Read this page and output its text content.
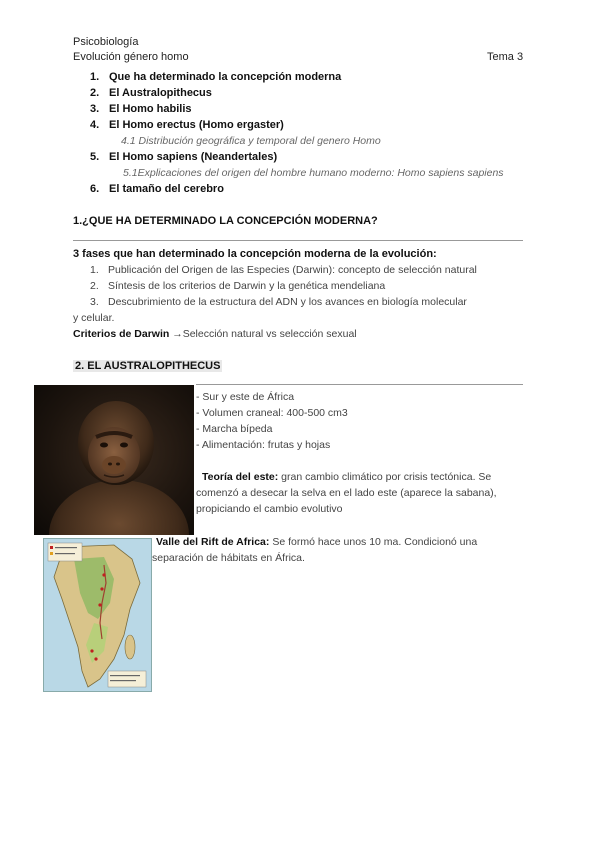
Psicobiología
Evolución género homo	Tema 3
1. Que ha determinado la concepción moderna
2. El Australopithecus
3. El Homo habilis
4. El Homo erectus (Homo ergaster)
4.1 Distribución geográfica y temporal del genero Homo
5. El Homo sapiens (Neandertales)
5.1Explicaciones del origen del hombre humano moderno: Homo sapiens sapiens
6. El tamaño del cerebro
1.¿QUE HA DETERMINADO LA CONCEPCIÓN MODERNA?
3 fases que han determinado la concepción moderna de la evolución:
1. Publicación del Origen de las Especies (Darwin): concepto de selección natural
2. Síntesis de los criterios de Darwin y la genética mendeliana
3. Descubrimiento de la estructura del ADN y los avances en biología molecular
y celular.
Criterios de Darwin →Selección natural vs selección sexual
2. EL AUSTRALOPITHECUS
- Sur y este de África
- Volumen craneal: 400-500 cm3
- Marcha bípeda
- Alimentación: frutas y hojas
Teoría del este: gran cambio climático por crisis tectónica. Se
comenzó a desecar la selva en el lado este (aparece la sabana),
propiciando el cambio evolutivo
Valle del Rift de Africa: Se formó hace unos 10 ma. Condicionó una
separación de hábitats en África.
